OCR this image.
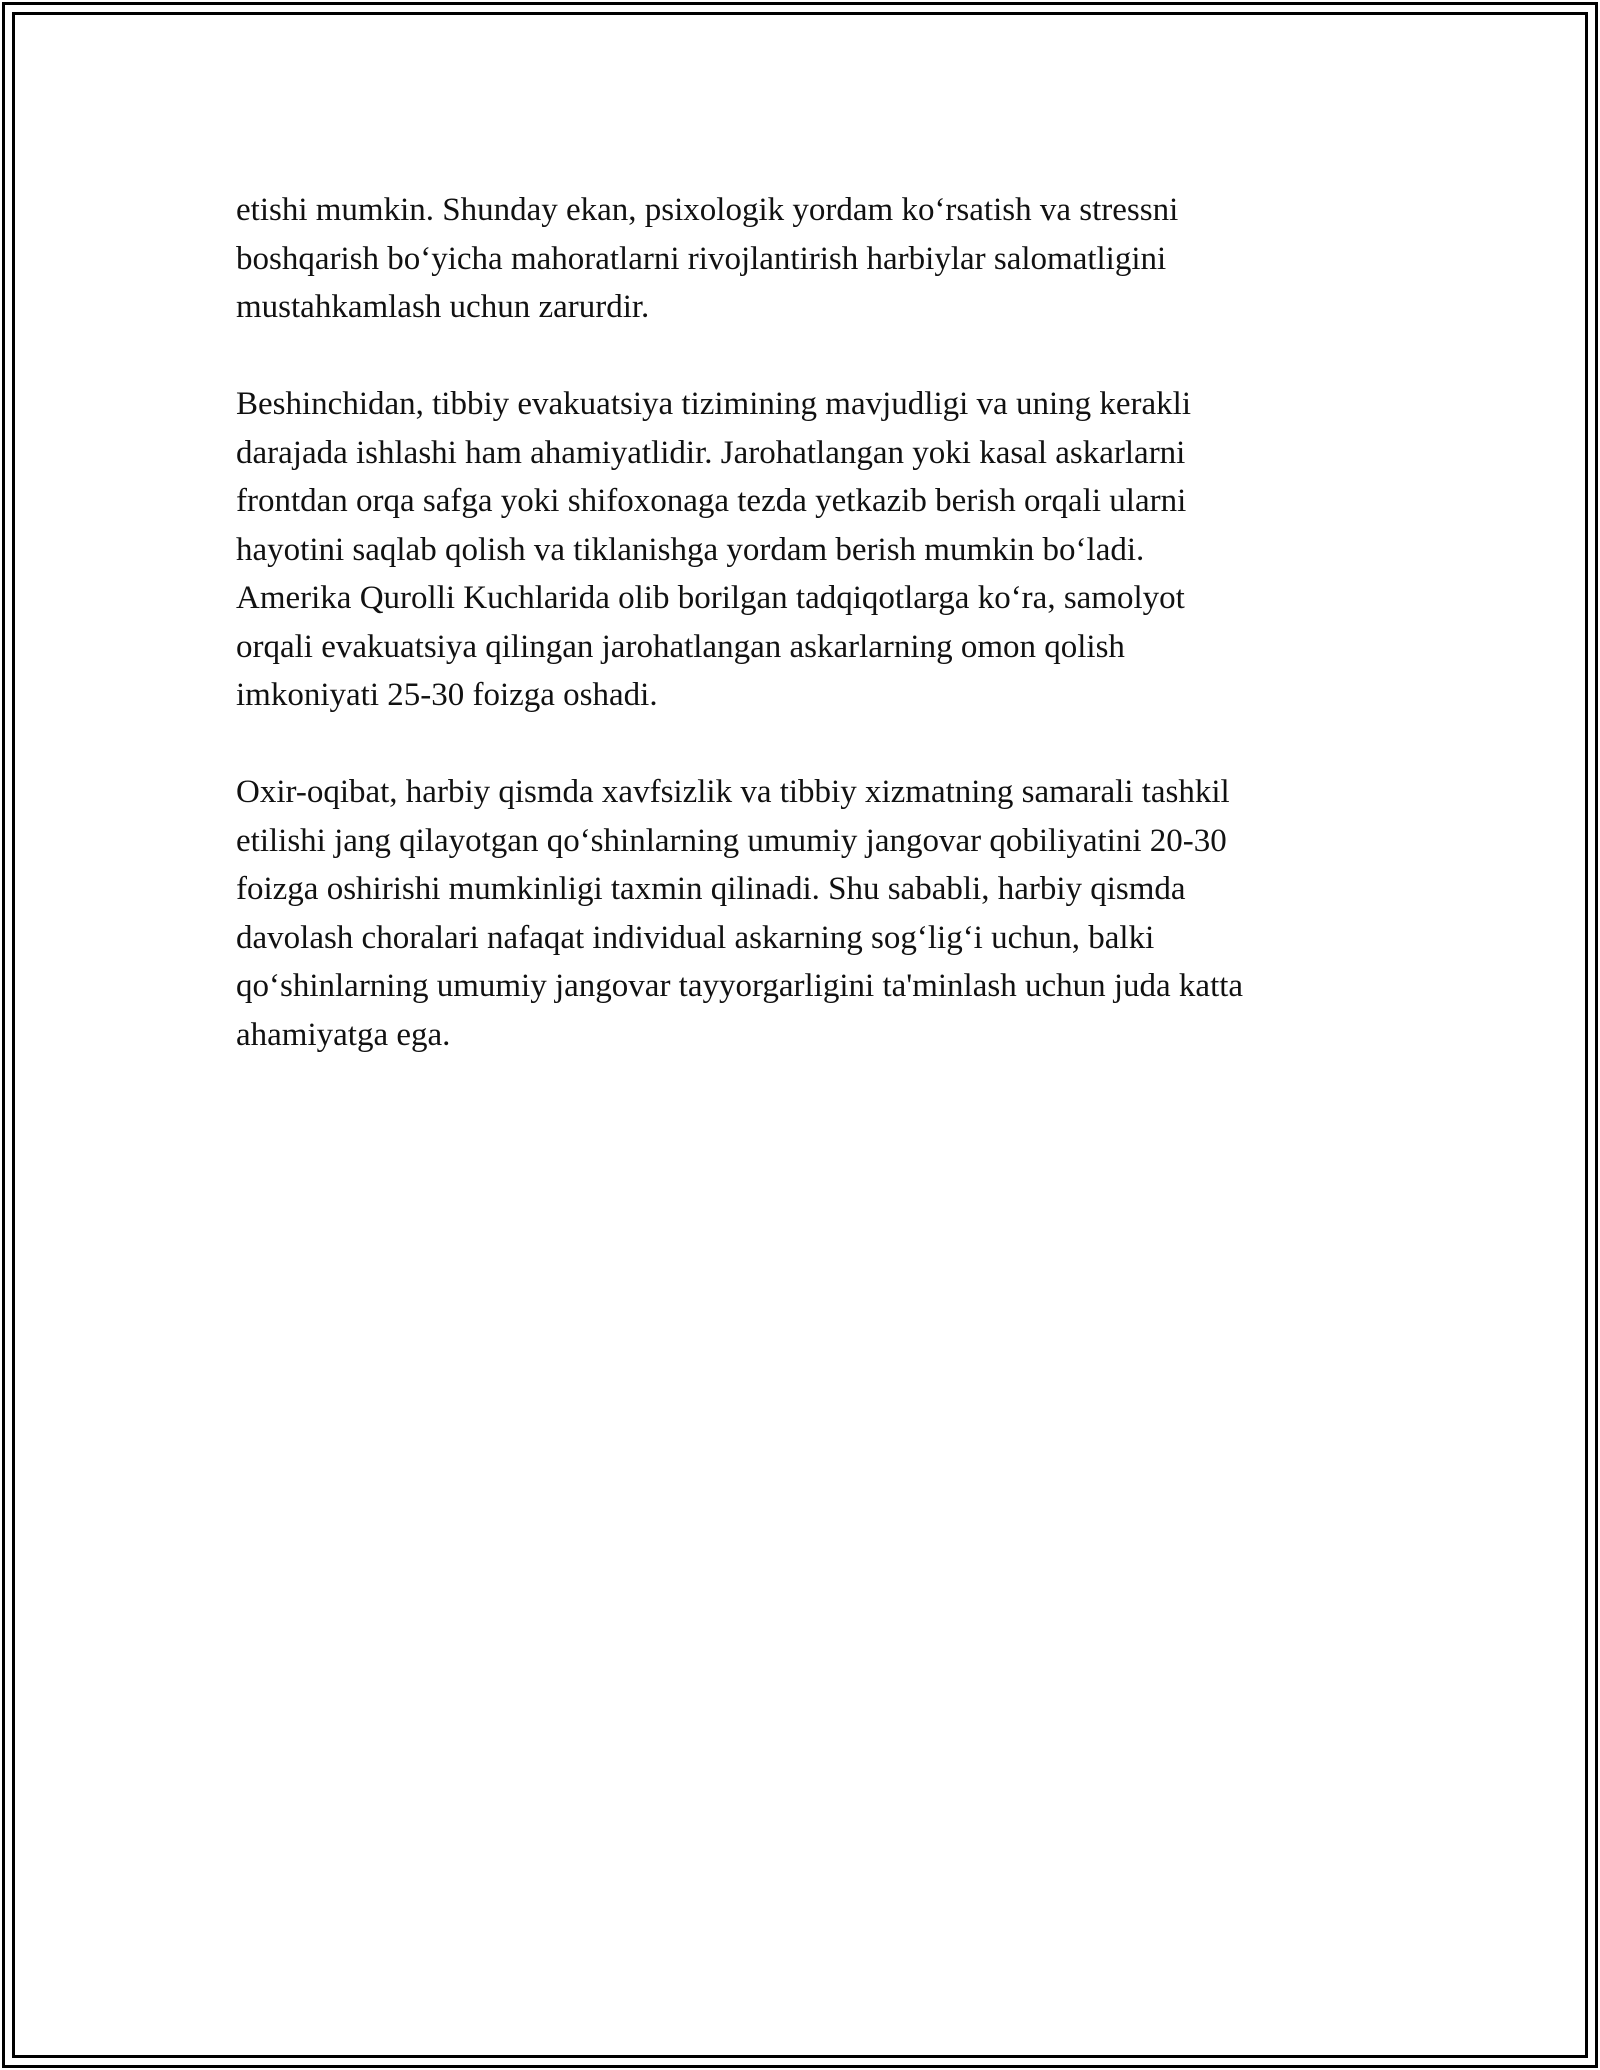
etishi mumkin. Shunday ekan, psixologik yordam ko‘rsatish va stressni
boshqarish bo‘yicha mahoratlarni rivojlantirish harbiylar salomatligini
mustahkamlash uchun zarurdir.

Beshinchidan, tibbiy evakuatsiya tizimining mavjudligi va uning kerakli
darajada ishlashi ham ahamiyatlidir. Jarohatlangan yoki kasal askarlarni
frontdan orqa safga yoki shifoxonaga tezda yetkazib berish orqali ularni
hayotini saqlab qolish va tiklanishga yordam berish mumkin bo‘ladi.
Amerika Qurolli Kuchlarida olib borilgan tadqiqotlarga ko‘ra, samolyot
orqali evakuatsiya qilingan jarohatlangan askarlarning omon qolish
imkoniyati 25-30 foizga oshadi.

Oxir-oqibat, harbiy qismda xavfsizlik va tibbiy xizmatning samarali tashkil
etilishi jang qilayotgan qo‘shinlarning umumiy jangovar qobiliyatini 20-30
foizga oshirishi mumkinligi taxmin qilinadi. Shu sababli, harbiy qismda
davolash choralari nafaqat individual askarning sog‘lig‘i uchun, balki
qo‘shinlarning umumiy jangovar tayyorgarligini ta'minlash uchun juda katta
ahamiyatga ega.
